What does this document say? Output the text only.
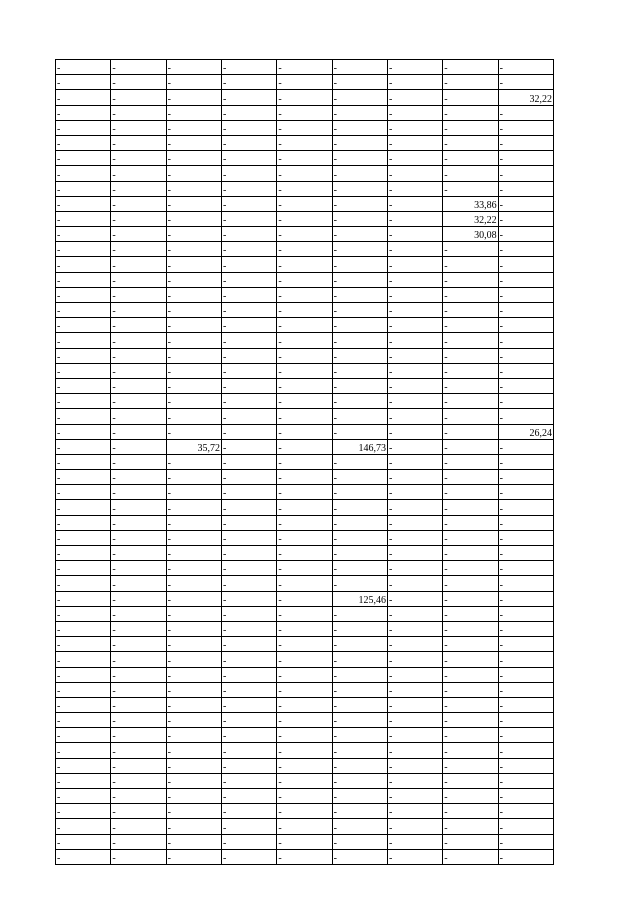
-	-	-	-	-	-	-	-	-
-	-	-	-	-	-	-	-	-
-	-	-	-	-	-	-	-	32,22
-	-	-	-	-	-	-	-	-
-	-	-	-	-	-	-	-	-
-	-	-	-	-	-	-	-	-
-	-	-	-	-	-	-	-	-
-	-	-	-	-	-	-	-	-
-	-	-	-	-	-	-	-	-
-	-	-	-	-	-	-	33,86	-
-	-	-	-	-	-	-	32,22	-
-	-	-	-	-	-	-	30,08	-
-	-	-	-	-	-	-	-	-
-	-	-	-	-	-	-	-	-
-	-	-	-	-	-	-	-	-
-	-	-	-	-	-	-	-	-
-	-	-	-	-	-	-	-	-
-	-	-	-	-	-	-	-	-
-	-	-	-	-	-	-	-	-
-	-	-	-	-	-	-	-	-
-	-	-	-	-	-	-	-	-
-	-	-	-	-	-	-	-	-
-	-	-	-	-	-	-	-	-
-	-	-	-	-	-	-	-	-
-	-	-	-	-	-	-	-	26,24
-	-	35,72	-	-	146,73	-	-	-
-	-	-	-	-	-	-	-	-
-	-	-	-	-	-	-	-	-
-	-	-	-	-	-	-	-	-
-	-	-	-	-	-	-	-	-
-	-	-	-	-	-	-	-	-
-	-	-	-	-	-	-	-	-
-	-	-	-	-	-	-	-	-
-	-	-	-	-	-	-	-	-
-	-	-	-	-	-	-	-	-
-	-	-	-	-	125,46	-	-	-
-	-	-	-	-	-	-	-	-
-	-	-	-	-	-	-	-	-
-	-	-	-	-	-	-	-	-
-	-	-	-	-	-	-	-	-
-	-	-	-	-	-	-	-	-
-	-	-	-	-	-	-	-	-
-	-	-	-	-	-	-	-	-
-	-	-	-	-	-	-	-	-
-	-	-	-	-	-	-	-	-
-	-	-	-	-	-	-	-	-
-	-	-	-	-	-	-	-	-
-	-	-	-	-	-	-	-	-
-	-	-	-	-	-	-	-	-
-	-	-	-	-	-	-	-	-
-	-	-	-	-	-	-	-	-
-	-	-	-	-	-	-	-	-
-	-	-	-	-	-	-	-	-
